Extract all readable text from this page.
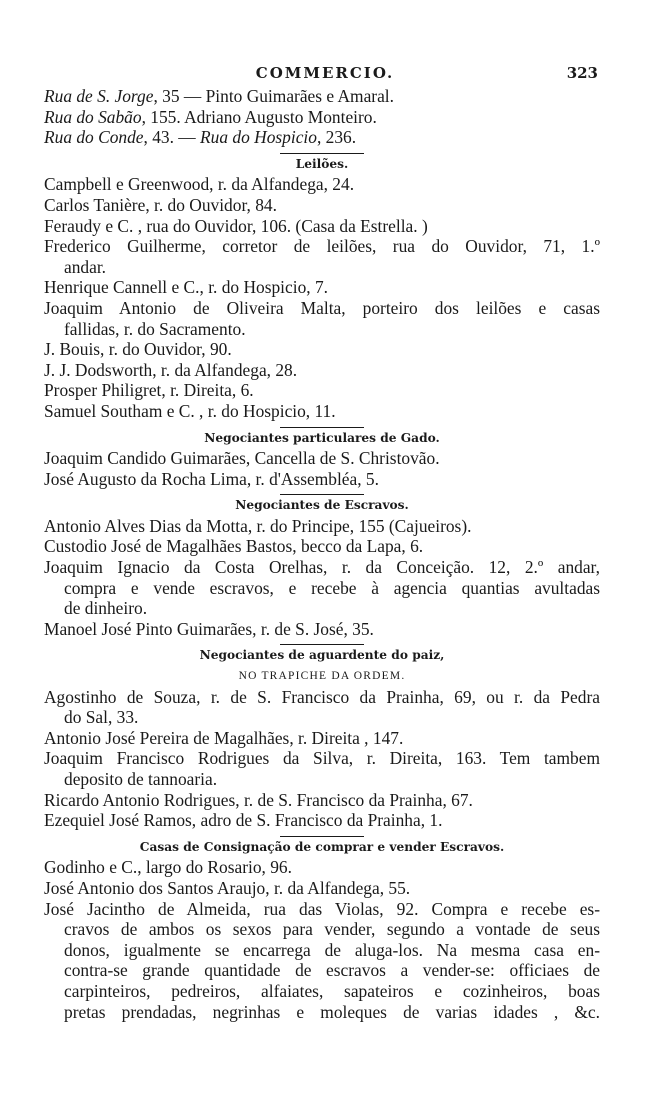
COMMERCIO.	323
Rua de S. Jorge, 35 — Pinto Guimarães e Amaral.
Rua do Sabão, 155. Adriano Augusto Monteiro.
Rua do Conde, 43. — Rua do Hospicio, 236.
Leilões.
Campbell e Greenwood, r. da Alfandega, 24.
Carlos Tanière, r. do Ouvidor, 84.
Feraudy e C. , rua do Ouvidor, 106. (Casa da Estrella. )
Frederico Guilherme, corretor de leilões, rua do Ouvidor, 71, 1.º
andar.
Henrique Cannell e C., r. do Hospicio, 7.
Joaquim Antonio de Oliveira Malta, porteiro dos leilões e casas
fallidas, r. do Sacramento.
J. Bouis, r. do Ouvidor, 90.
J. J. Dodsworth, r. da Alfandega, 28.
Prosper Philigret, r. Direita, 6.
Samuel Southam e C. , r. do Hospicio, 11.
Negociantes particulares de Gado.
Joaquim Candido Guimarães, Cancella de S. Christovão.
José Augusto da Rocha Lima, r. d'Assembléa, 5.
Negociantes de Escravos.
Antonio Alves Dias da Motta, r. do Principe, 155 (Cajueiros).
Custodio José de Magalhães Bastos, becco da Lapa, 6.
Joaquim Ignacio da Costa Orelhas, r. da Conceição. 12, 2.º andar,
compra e vende escravos, e recebe à agencia quantias avultadas
de dinheiro.
Manoel José Pinto Guimarães, r. de S. José, 35.
Negociantes de aguardente do paiz,
NO TRAPICHE DA ORDEM.
Agostinho de Souza, r. de S. Francisco da Prainha, 69, ou r. da Pedra
do Sal, 33.
Antonio José Pereira de Magalhães, r. Direita , 147.
Joaquim Francisco Rodrigues da Silva, r. Direita, 163. Tem tambem
deposito de tannoaria.
Ricardo Antonio Rodrigues, r. de S. Francisco da Prainha, 67.
Ezequiel José Ramos, adro de S. Francisco da Prainha, 1.
Casas de Consignação de comprar e vender Escravos.
Godinho e C., largo do Rosario, 96.
José Antonio dos Santos Araujo, r. da Alfandega, 55.
José Jacintho de Almeida, rua das Violas, 92. Compra e recebe es-
cravos de ambos os sexos para vender, segundo a vontade de seus
donos, igualmente se encarrega de aluga-los. Na mesma casa en-
contra-se grande quantidade de escravos a vender-se: officiaes de
carpinteiros, pedreiros, alfaiates, sapateiros e cozinheiros, boas
pretas prendadas, negrinhas e moleques de varias idades , &c.
